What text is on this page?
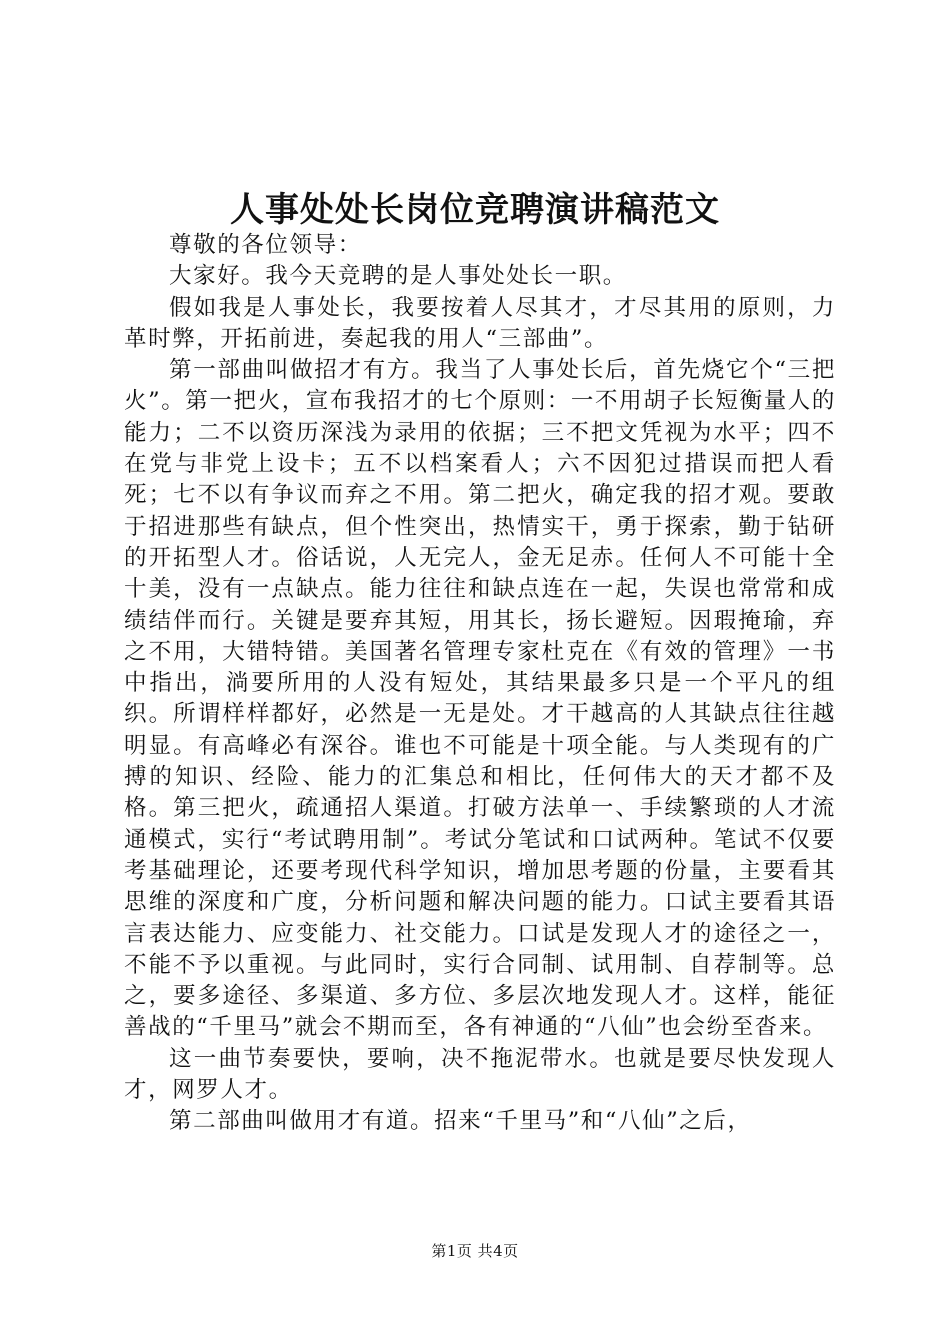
人事处处长岗位竞聘演讲稿范文

尊敬的各位领导：

大家好。我今天竞聘的是人事处处长一职。

假如我是人事处长，我要按着人尽其才，才尽其用的原则，力革时弊，开拓前进，奏起我的用人“三部曲”。

第一部曲叫做招才有方。我当了人事处长后，首先烧它个“三把火”。第一把火，宣布我招才的七个原则：一不用胡子长短衡量人的能力；二不以资历深浅为录用的依据；三不把文凭视为水平；四不在党与非党上设卡；五不以档案看人；六不因犯过措误而把人看死；七不以有争议而弃之不用。第二把火，确定我的招才观。要敢于招进那些有缺点，但个性突出，热情实干，勇于探索，勤于钻研的开拓型人才。俗话说，人无完人，金无足赤。任何人不可能十全十美，没有一点缺点。能力往往和缺点连在一起，失误也常常和成绩结伴而行。关键是要弃其短，用其长，扬长避短。因瑕掩瑜，弃之不用，大错特错。美国著名管理专家杜克在《有效的管理》一书中指出，淌要所用的人没有短处，其结果最多只是一个平凡的组织。所谓样样都好，必然是一无是处。才干越高的人其缺点往往越明显。有高峰必有深谷。谁也不可能是十项全能。与人类现有的广搏的知识、经险、能力的汇集总和相比，任何伟大的天才都不及格。第三把火，疏通招人渠道。打破方法单一、手续繁琐的人才流通模式，实行“考试聘用制”。考试分笔试和口试两种。笔试不仅要考基础理论，还要考现代科学知识，增加思考题的份量，主要看其思维的深度和广度，分析问题和解决问题的能力。口试主要看其语言表达能力、应变能力、社交能力。口试是发现人才的途径之一，不能不予以重视。与此同时，实行合同制、试用制、自荐制等。总之，要多途径、多渠道、多方位、多层次地发现人才。这样，能征善战的“千里马”就会不期而至，各有神通的“八仙”也会纷至沓来。

这一曲节奏要快，要响，决不拖泥带水。也就是要尽快发现人才，网罗人才。

第二部曲叫做用才有道。招来“千里马”和“八仙”之后，

第1页 共4页
